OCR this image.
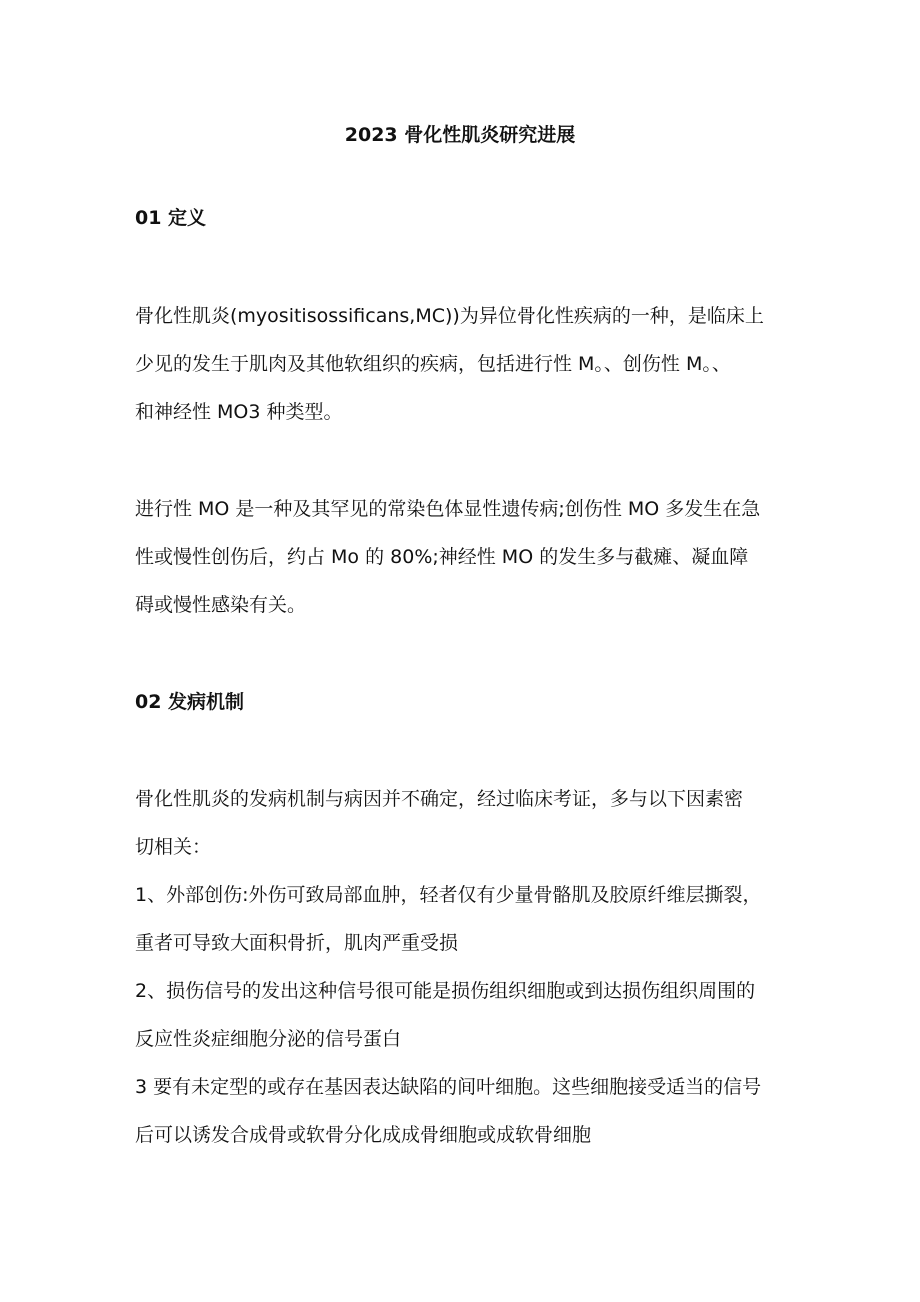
2023 骨化性肌炎研究进展
01 定义

骨化性肌炎(myositisossificans,MC))为异位骨化性疾病的一种，是临床上
少见的发生于肌肉及其他软组织的疾病，包括进行性 M。、创伤性 M。、
和神经性 MO3 种类型。

进行性 MO 是一种及其罕见的常染色体显性遗传病;创伤性 MO 多发生在急
性或慢性创伤后，约占 Mo 的 80%;神经性 MO 的发生多与截瘫、凝血障
碍或慢性感染有关。

02 发病机制

骨化性肌炎的发病机制与病因并不确定，经过临床考证，多与以下因素密
切相关：
1、外部创伤:外伤可致局部血肿，轻者仅有少量骨骼肌及胶原纤维层撕裂，
重者可导致大面积骨折，肌肉严重受损
2、损伤信号的发出这种信号很可能是损伤组织细胞或到达损伤组织周围的
反应性炎症细胞分泌的信号蛋白
3 要有未定型的或存在基因表达缺陷的间叶细胞。这些细胞接受适当的信号
后可以诱发合成骨或软骨分化成成骨细胞或成软骨细胞
